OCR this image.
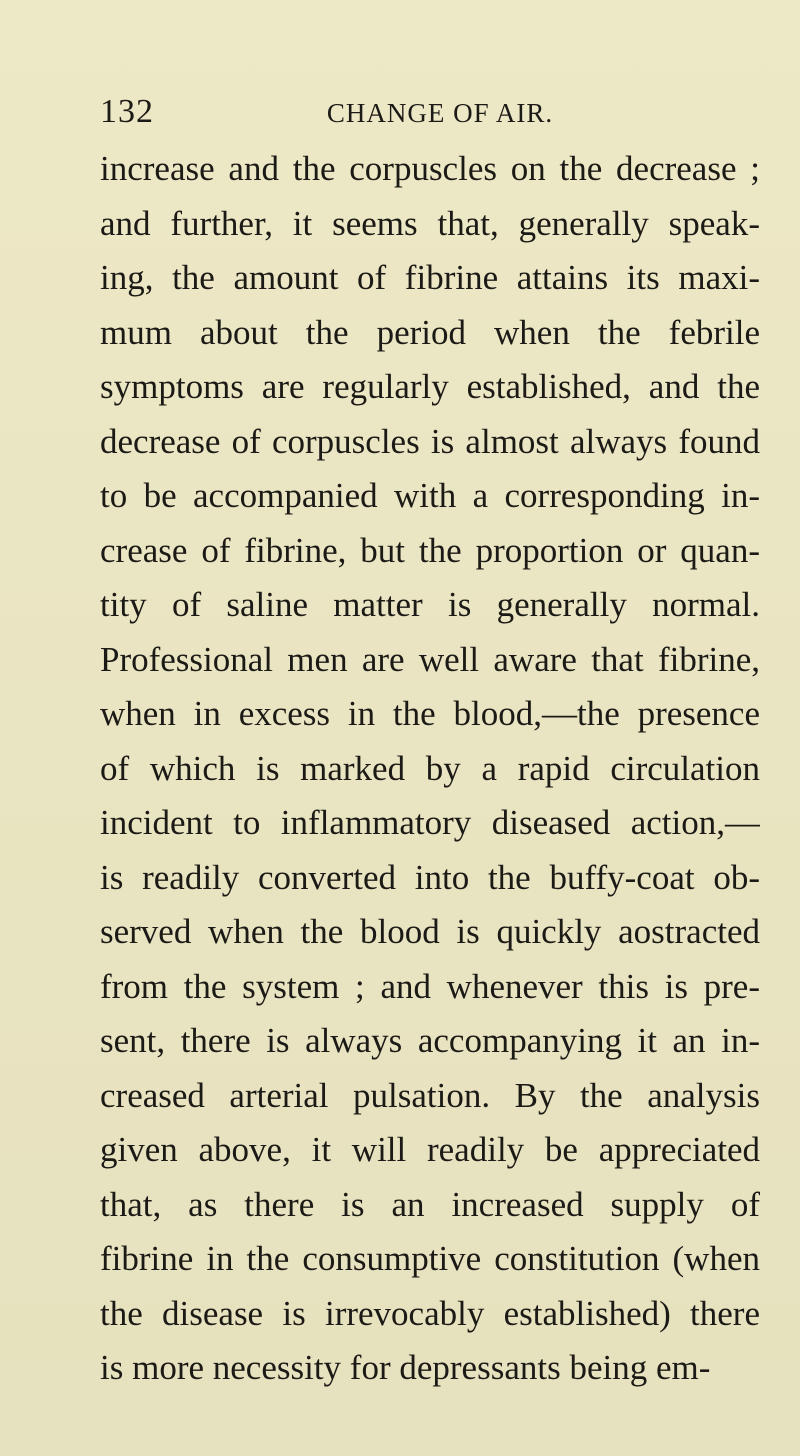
132	CHANGE OF AIR.
increase and the corpuscles on the decrease ;
and further, it seems that, generally speak-
ing, the amount of fibrine attains its maxi-
mum about the period when the febrile
symptoms are regularly established, and the
decrease of corpuscles is almost always found
to be accompanied with a corresponding in-
crease of fibrine, but the proportion or quan-
tity of saline matter is generally normal.
Professional men are well aware that fibrine,
when in excess in the blood,—the presence
of which is marked by a rapid circulation
incident to inflammatory diseased action,—
is readily converted into the buffy-coat ob-
served when the blood is quickly aostracted
from the system ; and whenever this is pre-
sent, there is always accompanying it an in-
creased arterial pulsation. By the analysis
given above, it will readily be appreciated
that, as there is an increased supply of
fibrine in the consumptive constitution (when
the disease is irrevocably established) there
is more necessity for depressants being em-
